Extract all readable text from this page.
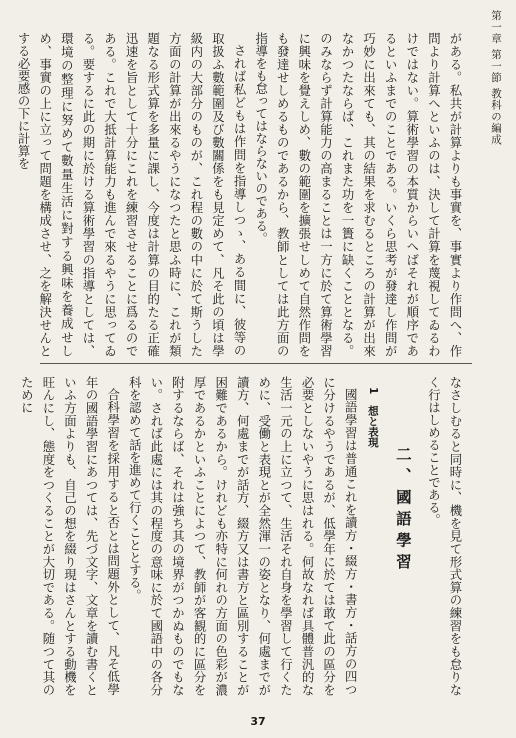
第一章 第一節 教科の編成

がある。私共が計算よりも事實を、事實より作問へ、作問より計算へといふのは、決して計算を蔑視してゐるわけではない。算術學習の本質からいへばそれが順序であるといふまでのことである。いくら思考が發達し作問が巧妙に出來ても、其の結果を求むるところの計算が出來なかつたならば、これまた功を一簣に缺くこととなる。のみならず計算能力の高まることは一方に於て算術學習に興味を覺えしめ、數の範圍を擴張せしめて自然作問をも發達せしめるものであるから、教師としては此方面の指導をも怠ってはならないのである。

されば私どもは作問を指導しつゝ、ある間に、彼等の取扱ふ數範圍及び數關係をも見定めて、凡そ此の頃は學級内の大部分のものが、これ程の數の中に於て斯うした方面の計算が出來るやうになつたと思ふ時に、これが類題なる形式算を多量に課し、今度は計算の目的たる正確迅速を旨として十分にこれを練習させることに爲るのである。これで大抵計算能力も進んで來るやうに思ってゐる。要するに此の期に於ける算術學習の指導としては、環境の整理に努めて數量生活に對する興味を養成せしめ、事實の上に立って問題を構成させ、之を解決せんとする必要感の下に計算を

なさしむると同時に、機を見て形式算の練習をも怠りなく行はしめることである。

二、國語學習

1　想と表現

國語學習は普通これを讀方・綴方・書方・話方の四つに分けるやうであるが、低學年に於ては敢て此の區分を必要としないやうに思はれる。何故なれば具體普汎的な生活一元の上に立つて、生活それ自身を學習して行くために、受働と表現とが全然渾一の姿となり、何處までが讀方、何處までが話方、綴方又は書方と區別することが困難であるから。けれども亦特に何れの方面の色彩が濃厚であるかといふことによつて、教師が客観的に區分を附するならば、それは強ち其の境界がつかぬものでもない。されば此處には其の程度の意味に於て國語中の各分科を認めて話を進めて行くこととする。

合科學習を採用すると否とは問題外として、凡そ低學年の國語學習にあつては、先づ文字、文章を讀む書くといふ方面よりも、自己の想を綴り現はさんとする動機を旺んにし、態度をつくることが大切である。随つて其のために

37
